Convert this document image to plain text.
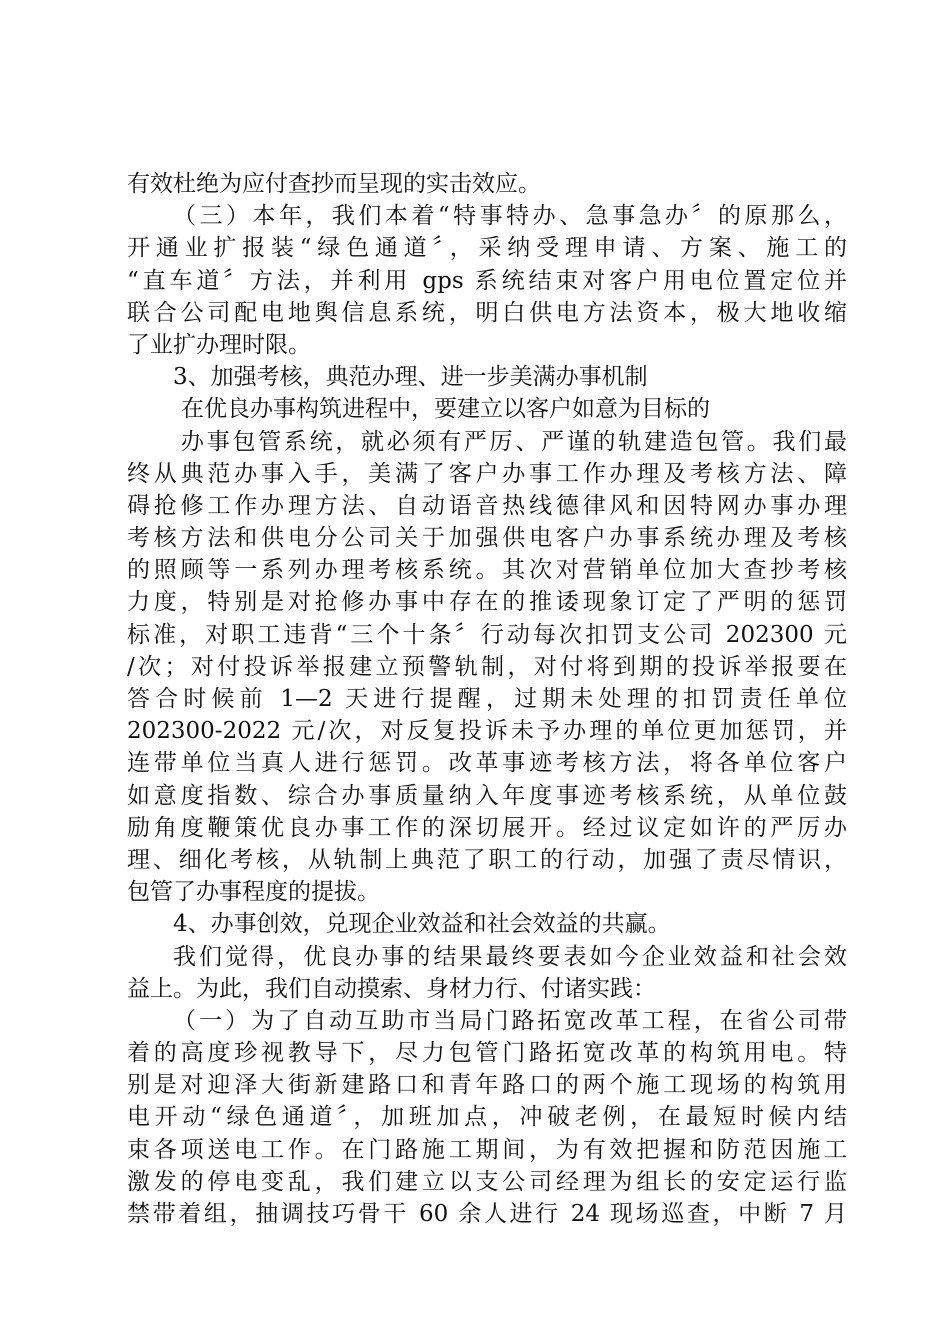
有效杜绝为应付查抄而呈现的实击效应。
（三）本年，我们本着“特事特办、急事急办〞的原那么，
开通业扩报装“绿色通道〞，采纳受理申请、方案、施工的
“直车道〞方法，并利用 gps 系统结束对客户用电位置定位并
联合公司配电地舆信息系统，明白供电方法资本，极大地收缩
了业扩办理时限。
3、加强考核，典范办理、进一步美满办事机制
在优良办事构筑进程中，要建立以客户如意为目标的
办事包管系统，就必须有严厉、严谨的轨建造包管。我们最
终从典范办事入手，美满了客户办事工作办理及考核方法、障
碍抢修工作办理方法、自动语音热线德律风和因特网办事办理
考核方法和供电分公司关于加强供电客户办事系统办理及考核
的照顾等一系列办理考核系统。其次对营销单位加大查抄考核
力度，特别是对抢修办事中存在的推诿现象订定了严明的惩罚
标准，对职工违背“三个十条〞行动每次扣罚支公司 202300 元
/次；对付投诉举报建立预警轨制，对付将到期的投诉举报要在
答合时候前 1—2 天进行提醒，过期未处理的扣罚责任单位
202300-2022 元/次，对反复投诉未予办理的单位更加惩罚，并
连带单位当真人进行惩罚。改革事迹考核方法，将各单位客户
如意度指数、综合办事质量纳入年度事迹考核系统，从单位鼓
励角度鞭策优良办事工作的深切展开。经过议定如许的严厉办
理、细化考核，从轨制上典范了职工的行动，加强了责尽情识，
包管了办事程度的提拔。
4、办事创效，兑现企业效益和社会效益的共赢。
我们觉得，优良办事的结果最终要表如今企业效益和社会效
益上。为此，我们自动摸索、身材力行、付诸实践：
（一）为了自动互助市当局门路拓宽改革工程，在省公司带
着的高度珍视教导下，尽力包管门路拓宽改革的构筑用电。特
别是对迎泽大街新建路口和青年路口的两个施工现场的构筑用
电开动“绿色通道〞，加班加点，冲破老例，在最短时候内结
束各项送电工作。在门路施工期间，为有效把握和防范因施工
激发的停电变乱，我们建立以支公司经理为组长的安定运行监
禁带着组，抽调技巧骨干 60 余人进行 24 现场巡查，中断 7 月
